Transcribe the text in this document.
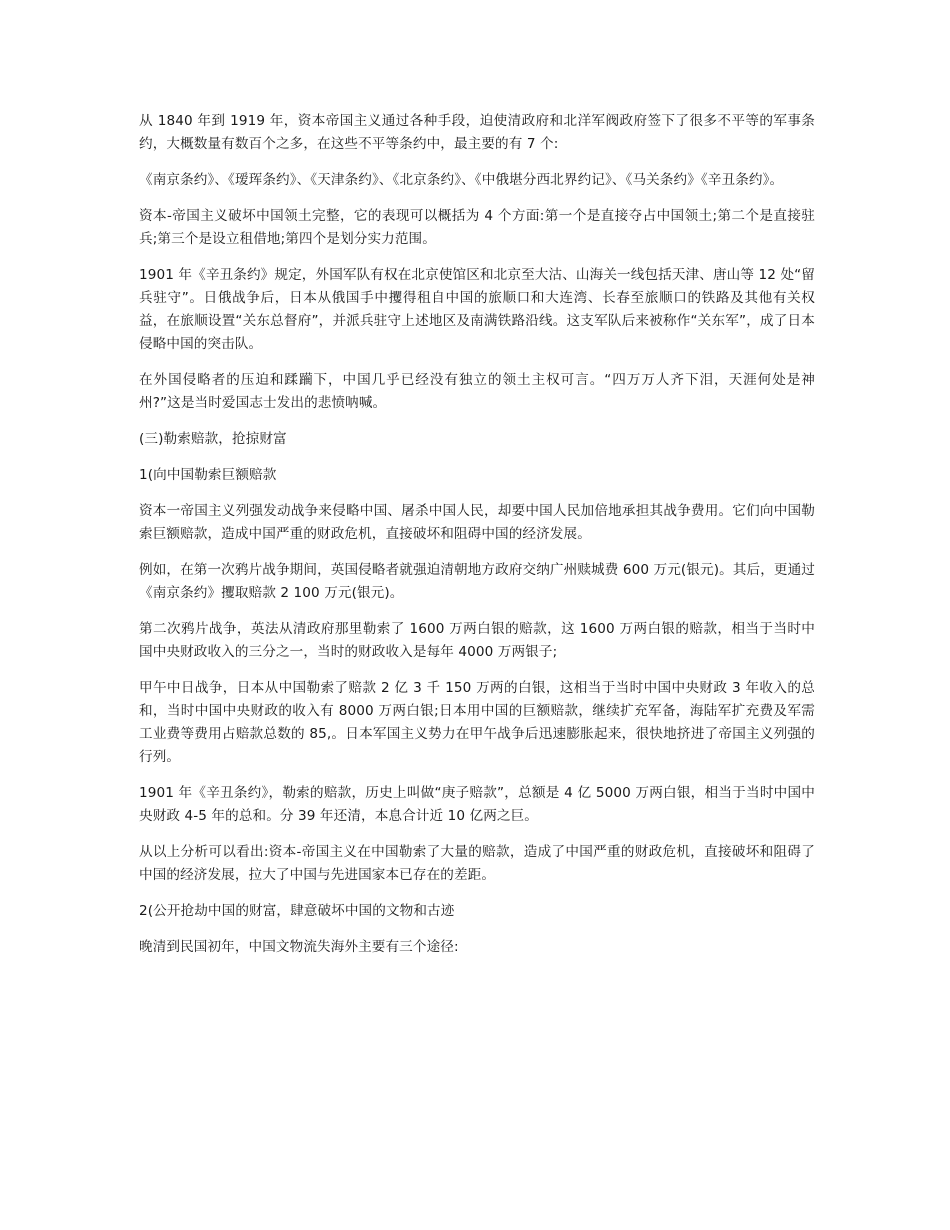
从 1840 年到 1919 年，资本帝国主义通过各种手段，迫使清政府和北洋军阀政府签下了很多不平等的军事条约，大概数量有数百个之多，在这些不平等条约中，最主要的有 7 个:

《南京条约》、《瑷珲条约》、《天津条约》、《北京条约》、《中俄堪分西北界约记》、《马关条约》《辛丑条约》。

资本-帝国主义破坏中国领土完整，它的表现可以概括为 4 个方面:第一个是直接夺占中国领土;第二个是直接驻兵;第三个是设立租借地;第四个是划分实力范围。

1901 年《辛丑条约》规定，外国军队有权在北京使馆区和北京至大沽、山海关一线包括天津、唐山等 12 处“留兵驻守”。日俄战争后，日本从俄国手中攫得租自中国的旅顺口和大连湾、长春至旅顺口的铁路及其他有关权益，在旅顺设置“关东总督府”，并派兵驻守上述地区及南满铁路沿线。这支军队后来被称作“关东军”，成了日本侵略中国的突击队。

在外国侵略者的压迫和蹂躏下，中国几乎已经没有独立的领土主权可言。“四万万人齐下泪，天涯何处是神州?”这是当时爱国志士发出的悲愤呐喊。

(三)勒索赔款，抢掠财富

1(向中国勒索巨额赔款

资本一帝国主义列强发动战争来侵略中国、屠杀中国人民，却要中国人民加倍地承担其战争费用。它们向中国勒索巨额赔款，造成中国严重的财政危机，直接破坏和阻碍中国的经济发展。

例如，在第一次鸦片战争期间，英国侵略者就强迫清朝地方政府交纳广州赎城费 600 万元(银元)。其后，更通过《南京条约》攫取赔款 2 100 万元(银元)。

第二次鸦片战争，英法从清政府那里勒索了 1600 万两白银的赔款，这 1600 万两白银的赔款，相当于当时中国中央财政收入的三分之一，当时的财政收入是每年 4000 万两银子;

甲午中日战争，日本从中国勒索了赔款 2 亿 3 千 150 万两的白银，这相当于当时中国中央财政 3 年收入的总和，当时中国中央财政的收入有 8000 万两白银;日本用中国的巨额赔款，继续扩充军备，海陆军扩充费及军需工业费等费用占赔款总数的 85,。日本军国主义势力在甲午战争后迅速膨胀起来，很快地挤进了帝国主义列强的行列。

1901 年《辛丑条约》，勒索的赔款，历史上叫做“庚子赔款”，总额是 4 亿 5000 万两白银，相当于当时中国中央财政 4-5 年的总和。分 39 年还清，本息合计近 10 亿两之巨。

从以上分析可以看出:资本-帝国主义在中国勒索了大量的赔款，造成了中国严重的财政危机，直接破坏和阻碍了中国的经济发展，拉大了中国与先进国家本已存在的差距。

2(公开抢劫中国的财富，肆意破坏中国的文物和古迹

晚清到民国初年，中国文物流失海外主要有三个途径:
